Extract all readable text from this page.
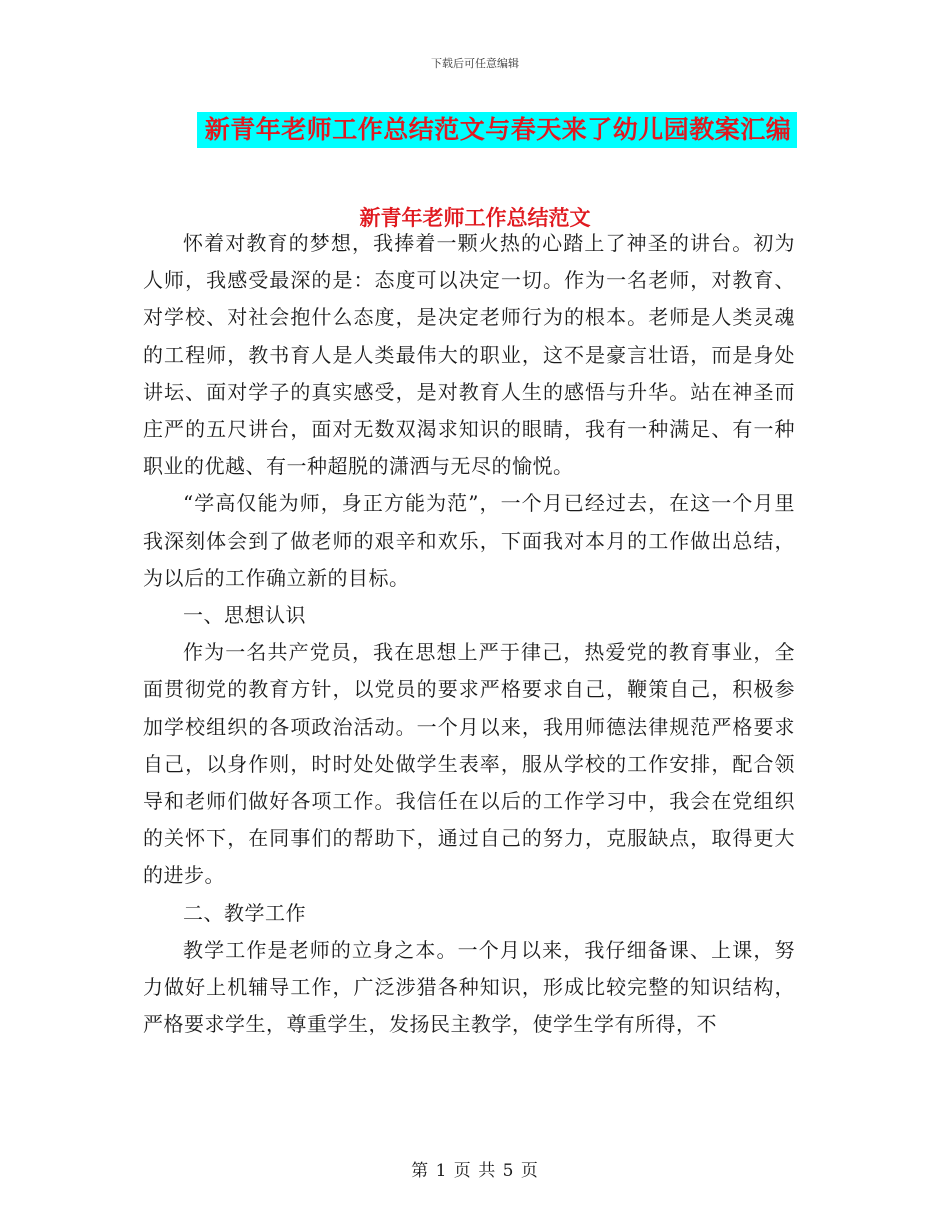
下载后可任意编辑
新青年老师工作总结范文与春天来了幼儿园教案汇编
新青年老师工作总结范文

怀着对教育的梦想，我捧着一颗火热的心踏上了神圣的讲台。初为人师，我感受最深的是：态度可以决定一切。作为一名老师，对教育、对学校、对社会抱什么态度，是决定老师行为的根本。老师是人类灵魂的工程师，教书育人是人类最伟大的职业，这不是豪言壮语，而是身处讲坛、面对学子的真实感受，是对教育人生的感悟与升华。站在神圣而庄严的五尺讲台，面对无数双渴求知识的眼睛，我有一种满足、有一种职业的优越、有一种超脱的潇洒与无尽的愉悦。

“学高仅能为师，身正方能为范”，一个月已经过去，在这一个月里我深刻体会到了做老师的艰辛和欢乐，下面我对本月的工作做出总结，为以后的工作确立新的目标。

一、思想认识

作为一名共产党员，我在思想上严于律己，热爱党的教育事业，全面贯彻党的教育方针，以党员的要求严格要求自己，鞭策自己，积极参加学校组织的各项政治活动。一个月以来，我用师德法律规范严格要求自己，以身作则，时时处处做学生表率，服从学校的工作安排，配合领导和老师们做好各项工作。我信任在以后的工作学习中，我会在党组织的关怀下，在同事们的帮助下，通过自己的努力，克服缺点，取得更大的进步。

二、教学工作

教学工作是老师的立身之本。一个月以来，我仔细备课、上课，努力做好上机辅导工作，广泛涉猎各种知识，形成比较完整的知识结构，严格要求学生，尊重学生，发扬民主教学，使学生学有所得，不

第 1 页 共 5 页
